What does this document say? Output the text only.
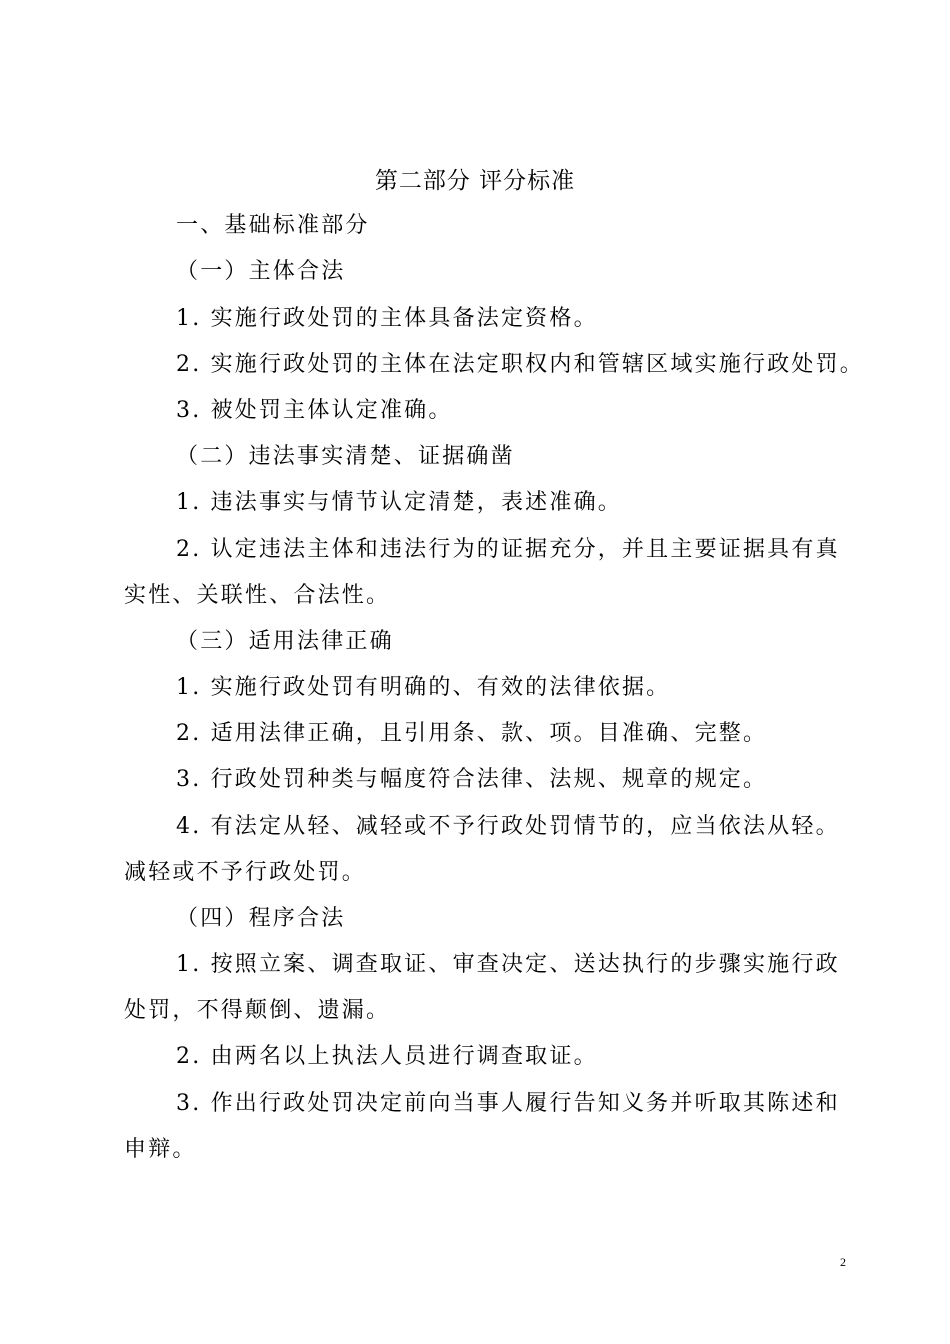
第二部分 评分标准
一、基础标准部分
（一）主体合法
1. 实施行政处罚的主体具备法定资格。
2. 实施行政处罚的主体在法定职权内和管辖区域实施行政处罚。
3. 被处罚主体认定准确。
（二）违法事实清楚、证据确凿
1. 违法事实与情节认定清楚，表述准确。
2. 认定违法主体和违法行为的证据充分，并且主要证据具有真
实性、关联性、合法性。
（三）适用法律正确
1. 实施行政处罚有明确的、有效的法律依据。
2. 适用法律正确，且引用条、款、项。目准确、完整。
3. 行政处罚种类与幅度符合法律、法规、规章的规定。
4. 有法定从轻、减轻或不予行政处罚情节的，应当依法从轻。
减轻或不予行政处罚。
（四）程序合法
1. 按照立案、调查取证、审查决定、送达执行的步骤实施行政
处罚，不得颠倒、遗漏。
2. 由两名以上执法人员进行调查取证。
3. 作出行政处罚决定前向当事人履行告知义务并听取其陈述和
申辩。
2
